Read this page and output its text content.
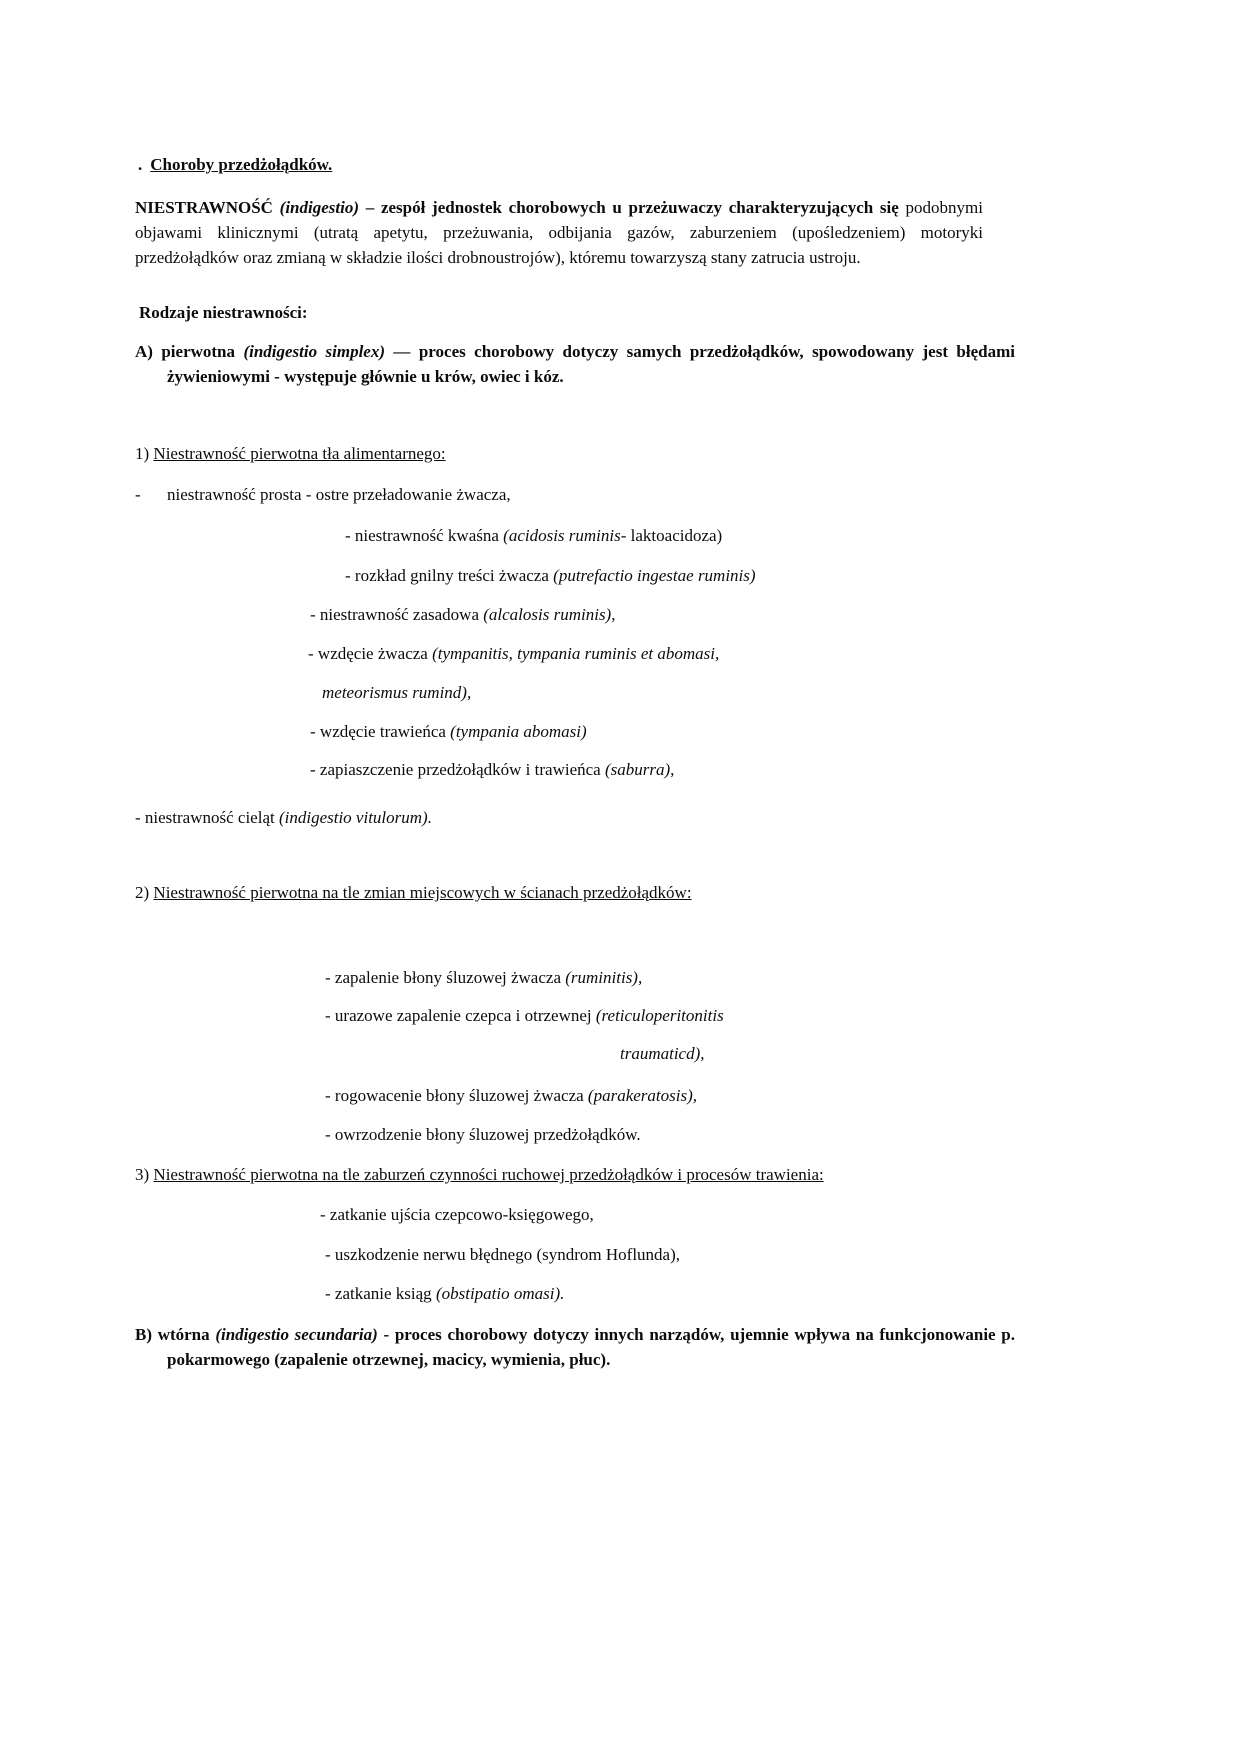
. Choroby przedżołądków.

NIESTRAWNOŚĆ (indigestio) – zespół jednostek chorobowych u przeżuwaczy charakteryzujących się podobnymi objawami klinicznymi (utratą apetytu, przeżuwania, odbijania gazów, zaburzeniem (upośledzeniem) motoryki przedżołądków oraz zmianą w składzie ilości drobnoustrojów), któremu towarzyszą stany zatrucia ustroju.

Rodzaje niestrawności:

A) pierwotna (indigestio simplex) — proces chorobowy dotyczy samych przedżołądków, spowodowany jest błędami żywieniowymi - występuje głównie u krów, owiec i kóz.

1) Niestrawność pierwotna tła alimentarnego:
- niestrawność prosta - ostre przeładowanie żwacza,
- niestrawność kwaśna (acidosis ruminis- laktoacidoza)
- rozkład gnilny treści żwacza (putrefactio ingestae ruminis)
- niestrawność zasadowa (alcalosis ruminis),
- wzdęcie żwacza (tympanitis, tympania ruminis et abomasi,
meteorismus rumind),
- wzdęcie trawieńca (tympania abomasi)
- zapiaszczenie przedżołądków i trawieńca (saburra),
- niestrawność cieląt (indigestio vitulorum).
2) Niestrawność pierwotna na tle zmian miejscowych w ścianach przedżołądków:
- zapalenie błony śluzowej żwacza (ruminitis),
- urazowe zapalenie czepca i otrzewnej (reticuloperitonitis
traumaticd),
- rogowacenie błony śluzowej żwacza (parakeratosis),
- owrzodzenie błony śluzowej przedżołądków.
3) Niestrawność pierwotna na tle zaburzeń czynności ruchowej przedżołądków i procesów trawienia:
- zatkanie ujścia czepcowo-księgowego,
- uszkodzenie nerwu błędnego (syndrom Hoflunda),
- zatkanie ksiąg (obstipatio omasi).

B) wtórna (indigestio secundaria) - proces chorobowy dotyczy innych narządów, ujemnie wpływa na funkcjonowanie p. pokarmowego (zapalenie otrzewnej, macicy, wymienia, płuc).
